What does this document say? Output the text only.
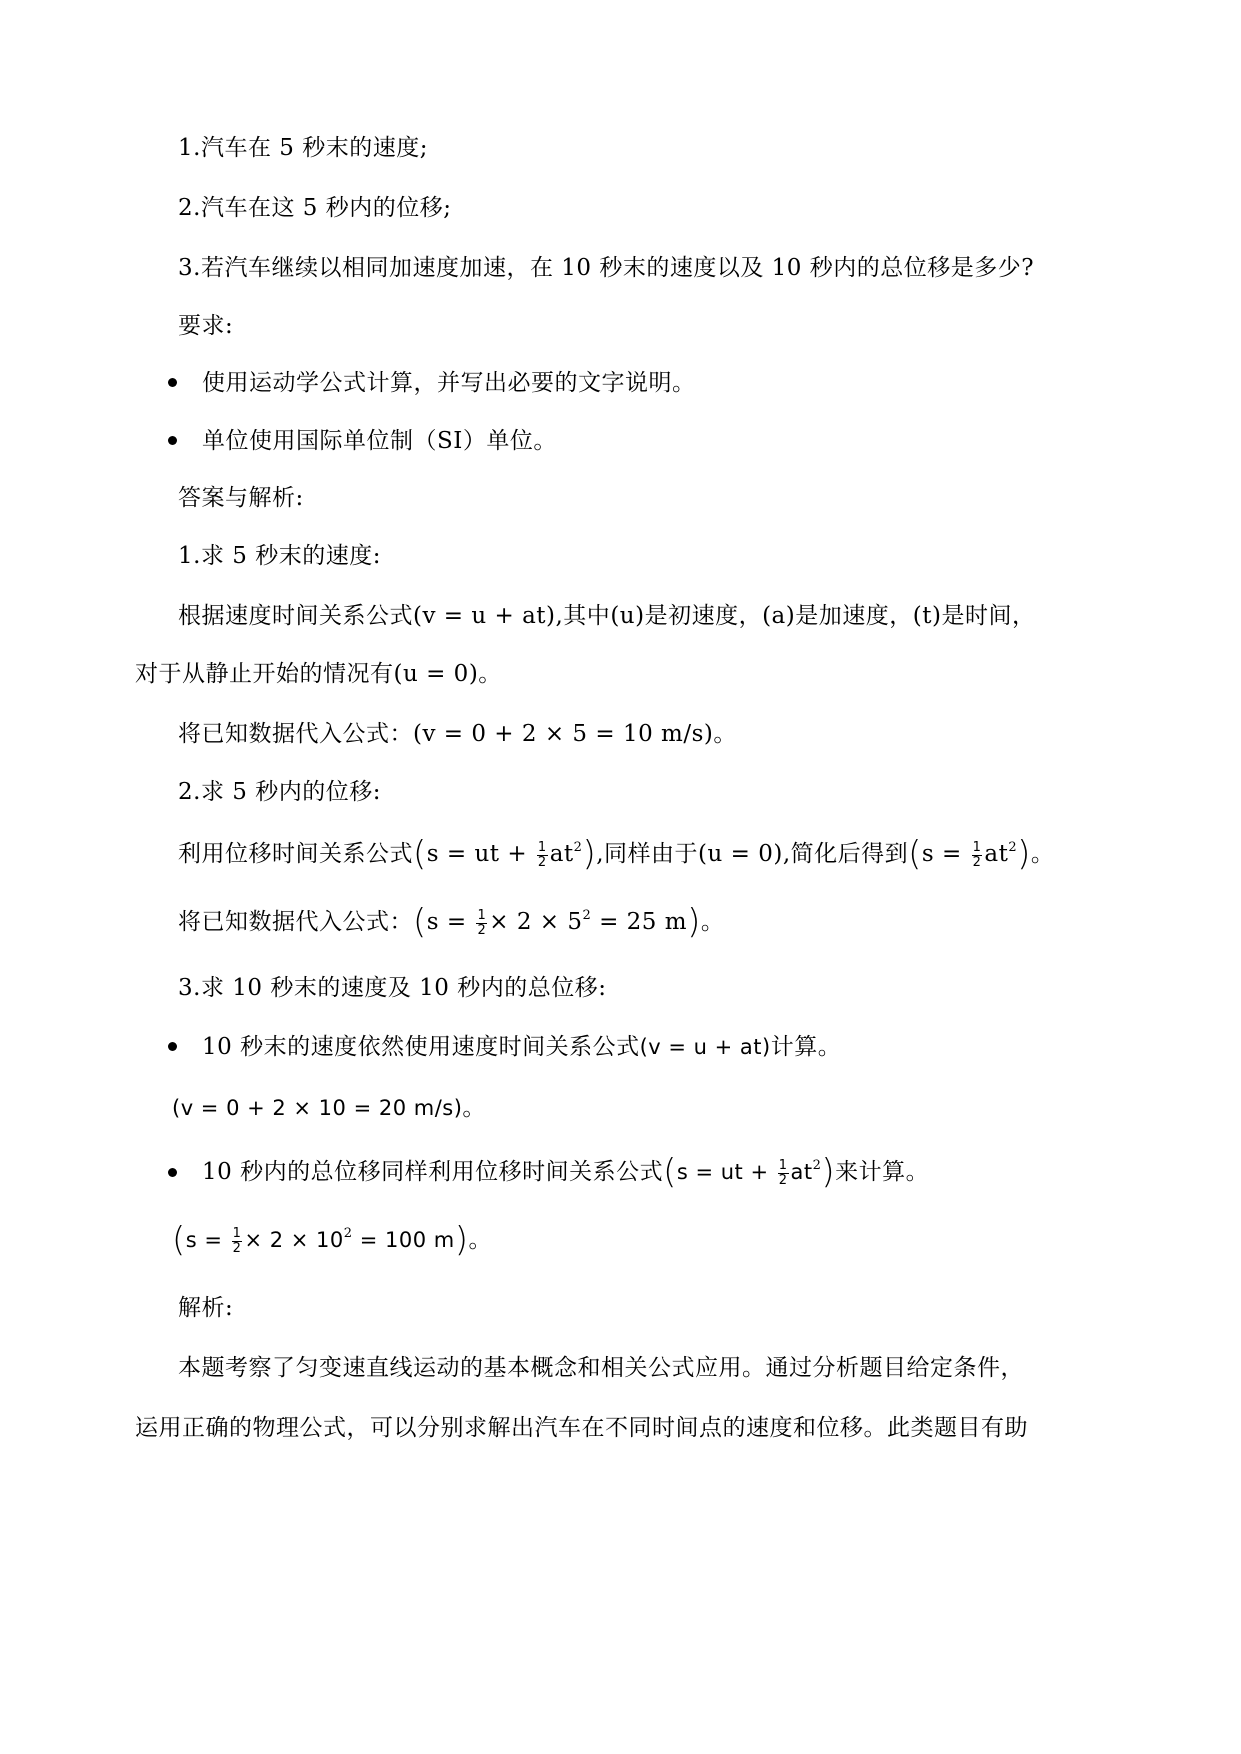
1.汽车在 5 秒末的速度;
2.汽车在这 5 秒内的位移;
3.若汽车继续以相同加速度加速，在 10 秒末的速度以及 10 秒内的总位移是多少?
要求:
使用运动学公式计算，并写出必要的文字说明。
单位使用国际单位制（SI）单位。
答案与解析:
1.求 5 秒末的速度:
根据速度时间关系公式(v = u + at),其中(u)是初速度，(a)是加速度，(t)是时间，
对于从静止开始的情况有(u = 0)。
将已知数据代入公式：(v = 0 + 2 × 5 = 10 m/s)。
2.求 5 秒内的位移:
利用位移时间关系公式(s = ut + $\frac{1}{2} at^2$),同样由于(u = 0),简化后得到$(s = \frac{1}{2} at^2)$。
将已知数据代入公式：($s = \frac{1}{2} \times 2 \times 5^2 = 25$ m)。
3.求 10 秒末的速度及 10 秒内的总位移:
10 秒末的速度依然使用速度时间关系公式(v = u + at)计算。
(v = 0 + 2 × 10 = 20 m/s)。
10 秒内的总位移同样利用位移时间关系公式(s = ut + $\frac{1}{2} at^2$)来计算。
($s = \frac{1}{2} \times 2 \times 10^2 = 100$ m)。
解析:
本题考察了匀变速直线运动的基本概念和相关公式应用。通过分析题目给定条件，
运用正确的物理公式，可以分别求解出汽车在不同时间点的速度和位移。此类题目有助
